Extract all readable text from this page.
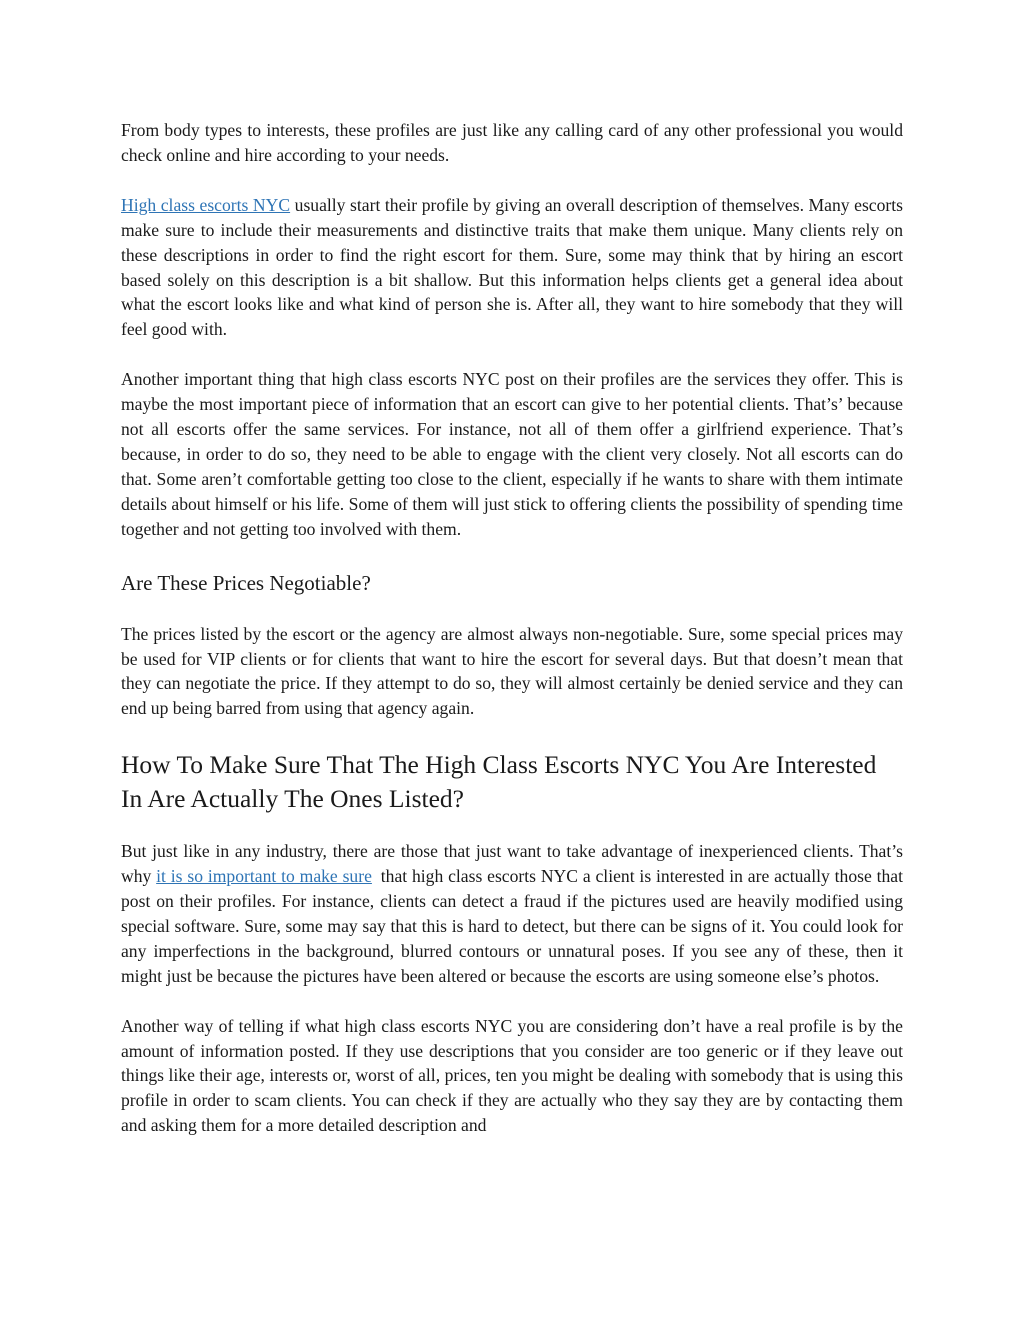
From body types to interests, these profiles are just like any calling card of any other professional you would check online and hire according to your needs.

High class escorts NYC usually start their profile by giving an overall description of themselves. Many escorts make sure to include their measurements and distinctive traits that make them unique. Many clients rely on these descriptions in order to find the right escort for them. Sure, some may think that by hiring an escort based solely on this description is a bit shallow. But this information helps clients get a general idea about what the escort looks like and what kind of person she is. After all, they want to hire somebody that they will feel good with.

Another important thing that high class escorts NYC post on their profiles are the services they offer. This is maybe the most important piece of information that an escort can give to her potential clients. That’s’ because not all escorts offer the same services. For instance, not all of them offer a girlfriend experience. That’s because, in order to do so, they need to be able to engage with the client very closely. Not all escorts can do that. Some aren’t comfortable getting too close to the client, especially if he wants to share with them intimate details about himself or his life. Some of them will just stick to offering clients the possibility of spending time together and not getting too involved with them.

Are These Prices Negotiable?

The prices listed by the escort or the agency are almost always non-negotiable. Sure, some special prices may be used for VIP clients or for clients that want to hire the escort for several days. But that doesn’t mean that they can negotiate the price. If they attempt to do so, they will almost certainly be denied service and they can end up being barred from using that agency again.

How To Make Sure That The High Class Escorts NYC You Are Interested In Are Actually The Ones Listed?

But just like in any industry, there are those that just want to take advantage of inexperienced clients. That’s why it is so important to make sure that high class escorts NYC a client is interested in are actually those that post on their profiles. For instance, clients can detect a fraud if the pictures used are heavily modified using special software. Sure, some may say that this is hard to detect, but there can be signs of it. You could look for any imperfections in the background, blurred contours or unnatural poses. If you see any of these, then it might just be because the pictures have been altered or because the escorts are using someone else’s photos.

Another way of telling if what high class escorts NYC you are considering don’t have a real profile is by the amount of information posted. If they use descriptions that you consider are too generic or if they leave out things like their age, interests or, worst of all, prices, ten you might be dealing with somebody that is using this profile in order to scam clients. You can check if they are actually who they say they are by contacting them and asking them for a more detailed description and
